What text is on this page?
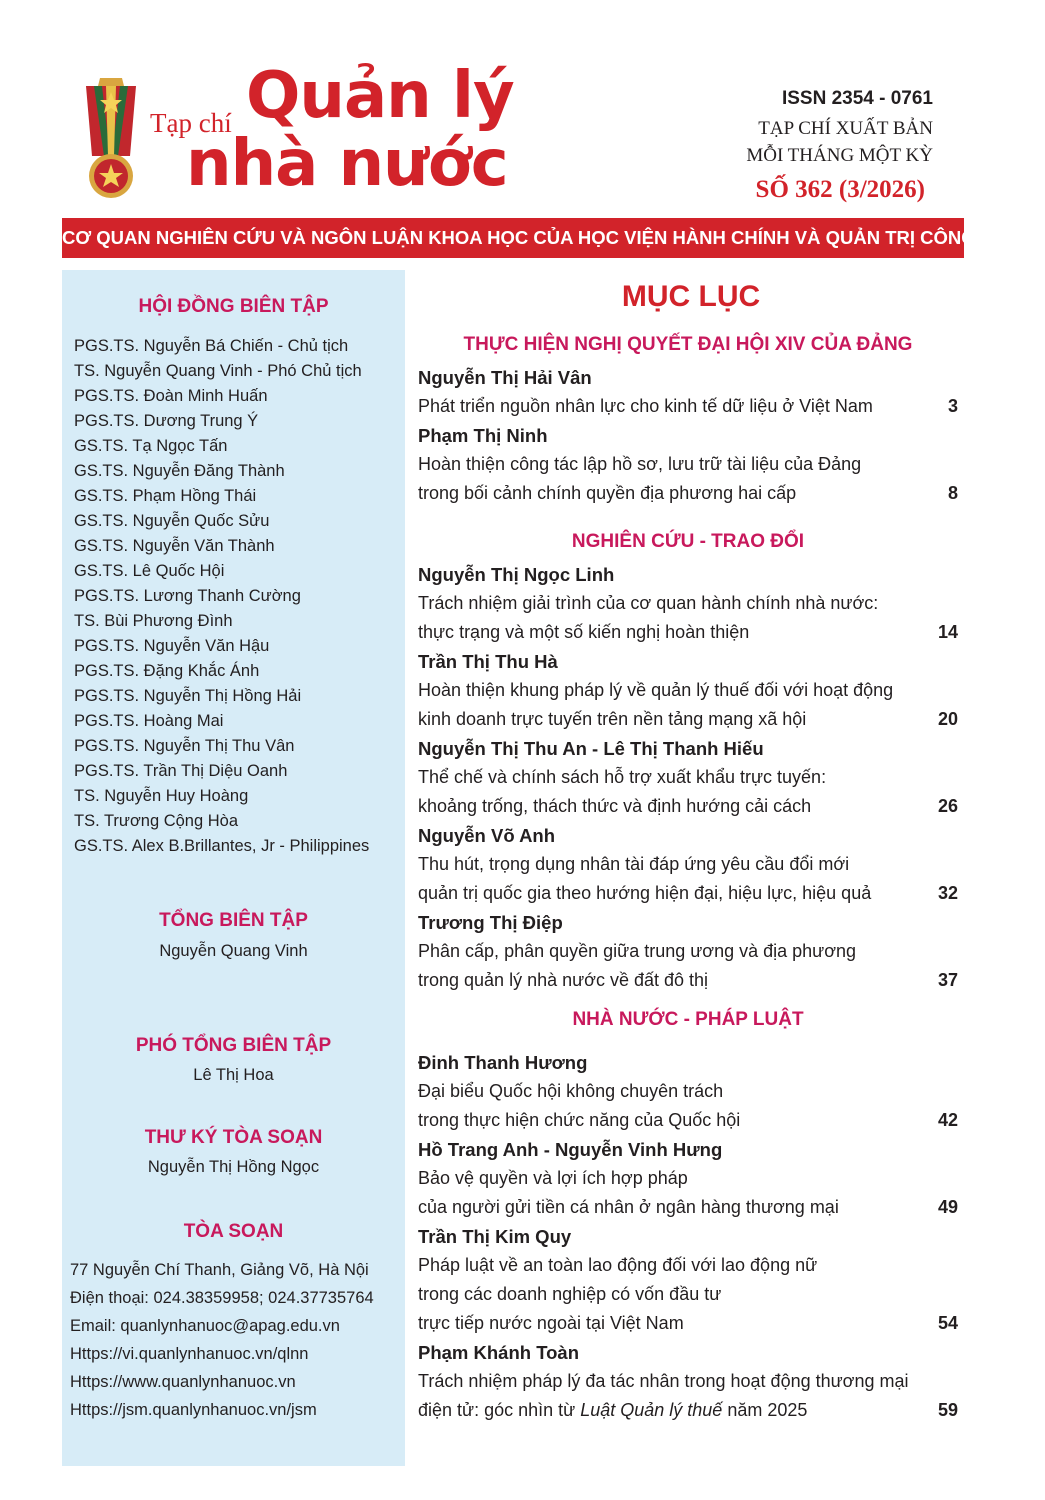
Tạp chí Quản lý
nhà nước
ISSN 2354 - 0761
TẠP CHÍ XUẤT BẢN
MỖI THÁNG MỘT KỲ
SỐ 362 (3/2026)
CƠ QUAN NGHIÊN CỨU VÀ NGÔN LUẬN KHOA HỌC CỦA HỌC VIỆN HÀNH CHÍNH VÀ QUẢN TRỊ CÔNG
HỘI ĐỒNG BIÊN TẬP
PGS.TS. Nguyễn Bá Chiến - Chủ tịch
TS. Nguyễn Quang Vinh - Phó Chủ tịch
PGS.TS. Đoàn Minh Huấn
PGS.TS. Dương Trung Ý
GS.TS. Tạ Ngọc Tấn
GS.TS. Nguyễn Đăng Thành
GS.TS. Phạm Hồng Thái
GS.TS. Nguyễn Quốc Sửu
GS.TS. Nguyễn Văn Thành
GS.TS. Lê Quốc Hội
PGS.TS. Lương Thanh Cường
TS. Bùi Phương Đình
PGS.TS. Nguyễn Văn Hậu
PGS.TS. Đặng Khắc Ánh
PGS.TS. Nguyễn Thị Hồng Hải
PGS.TS. Hoàng Mai
PGS.TS. Nguyễn Thị Thu Vân
PGS.TS. Trần Thị Diệu Oanh
TS. Nguyễn Huy Hoàng
TS. Trương Cộng Hòa
GS.TS. Alex B.Brillantes, Jr - Philippines
TỔNG BIÊN TẬP
Nguyễn Quang Vinh
PHÓ TỔNG BIÊN TẬP
Lê Thị Hoa
THƯ KÝ TÒA SOẠN
Nguyễn Thị Hồng Ngọc
TÒA SOẠN
77 Nguyễn Chí Thanh, Giảng Võ, Hà Nội
Điện thoại: 024.38359958; 024.37735764
Email: quanlynhanuoc@apag.edu.vn
Https://vi.quanlynhanuoc.vn/qlnn
Https://www.quanlynhanuoc.vn
Https://jsm.quanlynhanuoc.vn/jsm
MỤC LỤC
THỰC HIỆN NGHỊ QUYẾT ĐẠI HỘI XIV CỦA ĐẢNG
Nguyễn Thị Hải Vân
Phát triển nguồn nhân lực cho kinh tế dữ liệu ở Việt Nam	3
Phạm Thị Ninh
Hoàn thiện công tác lập hồ sơ, lưu trữ tài liệu của Đảng
trong bối cảnh chính quyền địa phương hai cấp	8
NGHIÊN CỨU - TRAO ĐỔI
Nguyễn Thị Ngọc Linh
Trách nhiệm giải trình của cơ quan hành chính nhà nước:
thực trạng và một số kiến nghị hoàn thiện	14
Trần Thị Thu Hà
Hoàn thiện khung pháp lý về quản lý thuế đối với hoạt động
kinh doanh trực tuyến trên nền tảng mạng xã hội	20
Nguyễn Thị Thu An - Lê Thị Thanh Hiếu
Thể chế và chính sách hỗ trợ xuất khẩu trực tuyến:
khoảng trống, thách thức và định hướng cải cách	26
Nguyễn Võ Anh
Thu hút, trọng dụng nhân tài đáp ứng yêu cầu đổi mới
quản trị quốc gia theo hướng hiện đại, hiệu lực, hiệu quả	32
Trương Thị Điệp
Phân cấp, phân quyền giữa trung ương và địa phương
trong quản lý nhà nước về đất đô thị	37
NHÀ NƯỚC - PHÁP LUẬT
Đinh Thanh Hương
Đại biểu Quốc hội không chuyên trách
trong thực hiện chức năng của Quốc hội	42
Hồ Trang Anh - Nguyễn Vinh Hưng
Bảo vệ quyền và lợi ích hợp pháp
của người gửi tiền cá nhân ở ngân hàng thương mại	49
Trần Thị Kim Quy
Pháp luật về an toàn lao động đối với lao động nữ
trong các doanh nghiệp có vốn đầu tư
trực tiếp nước ngoài tại Việt Nam	54
Phạm Khánh Toàn
Trách nhiệm pháp lý đa tác nhân trong hoạt động thương mại
điện tử: góc nhìn từ Luật Quản lý thuế năm 2025	59
